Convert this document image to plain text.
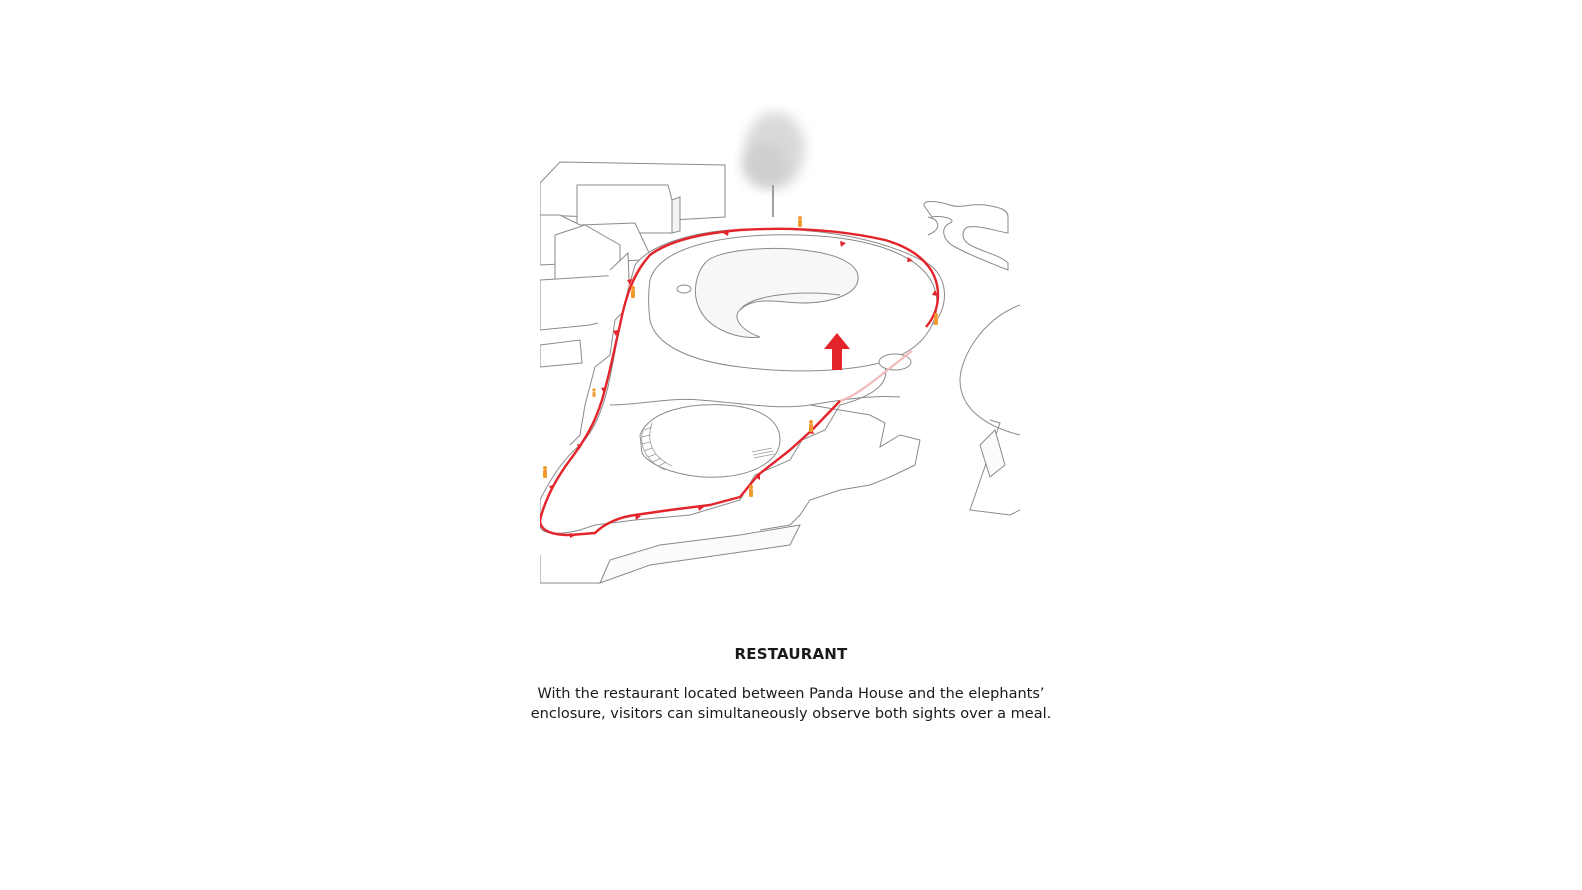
RESTAURANT
With the restaurant located between Panda House and the elephants’
enclosure, visitors can simultaneously observe both sights over a meal.
